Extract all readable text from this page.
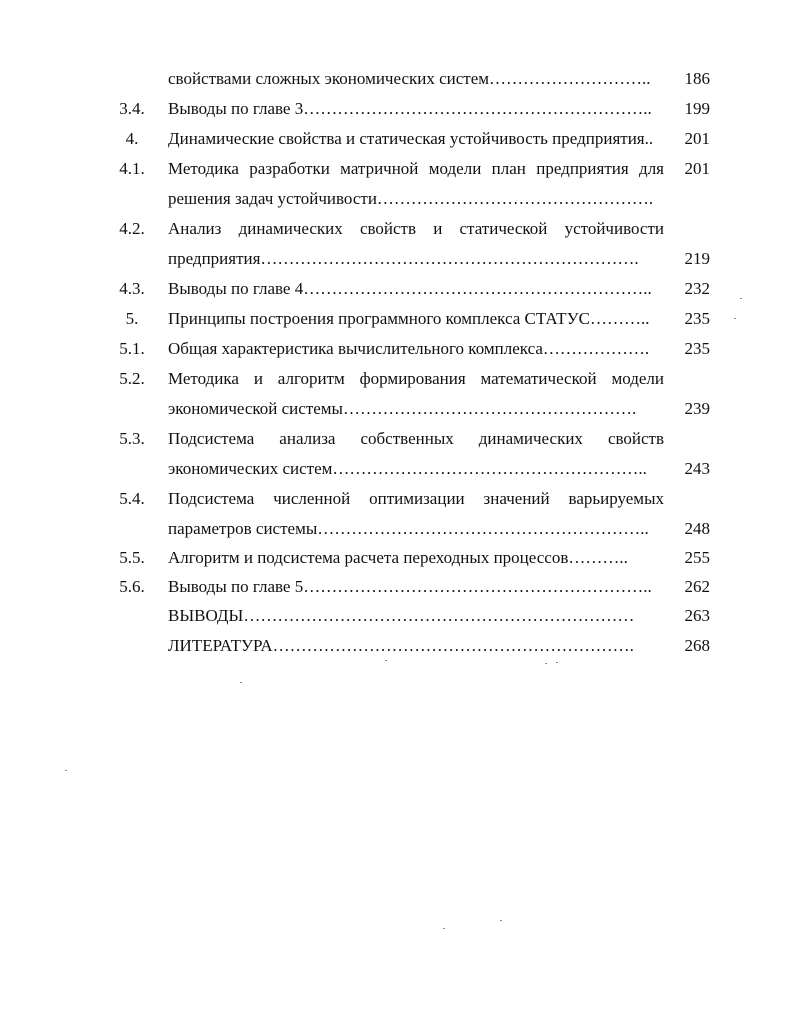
свойствами сложных экономических систем………………………..	186
3.4.	Выводы по главе 3……………………………………………………..	199
4.	Динамические свойства и статическая устойчивость предприятия..	201
4.1.	Методика разработки матричной модели план предприятия для	201
решения задач устойчивости………………………………………….
4.2.	Анализ динамических свойств и статической устойчивости
предприятия………………………………………………………….	219
4.3.	Выводы по главе 4……………………………………………………..	232
5.	Принципы построения программного комплекса СТАТУС………..	235
5.1.	Общая характеристика вычислительного комплекса……………….	235
5.2.	Методика и алгоритм формирования математической модели
экономической системы…………………………………………….	239
5.3.	Подсистема анализа собственных динамических свойств
экономических систем………………………………………………..	243
5.4.	Подсистема численной оптимизации значений варьируемых
параметров системы…………………………………………………..	248
5.5.	Алгоритм и подсистема расчета переходных процессов………..	255
5.6.	Выводы по главе 5……………………………………………………..	262
ВЫВОДЫ……………………………………………………………	263
ЛИТЕРАТУРА……………………………………………………….	268
